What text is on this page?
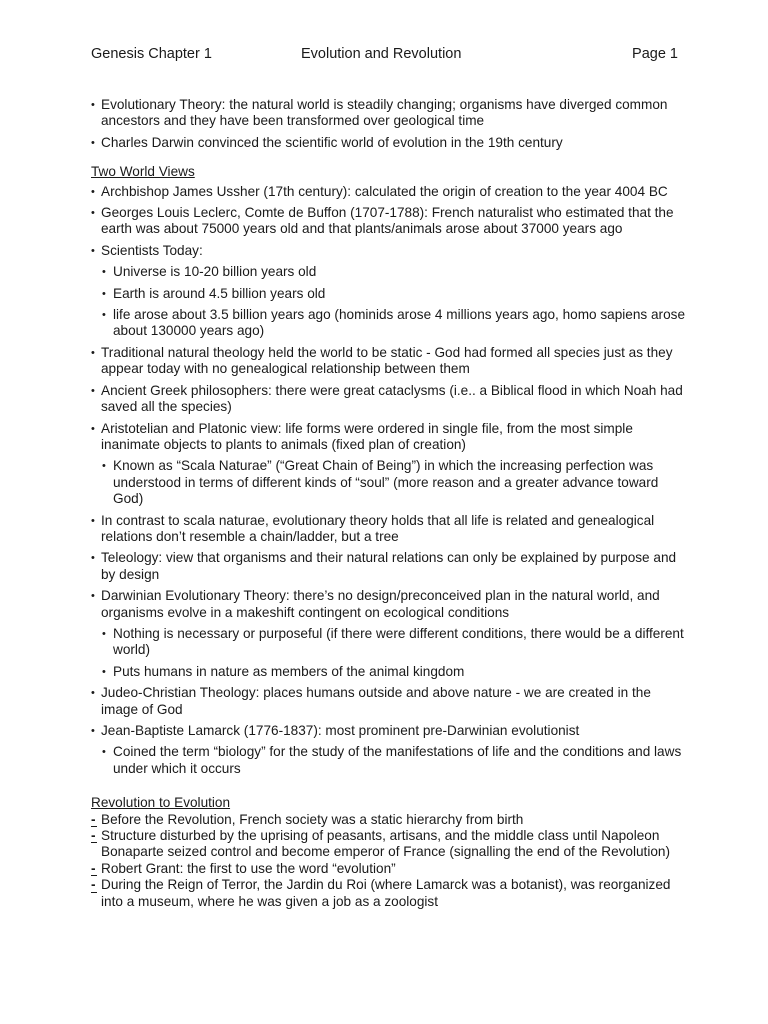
Genesis Chapter 1	Evolution and Revolution	Page 1
• Evolutionary Theory: the natural world is steadily changing; organisms have diverged common ancestors and they have been transformed over geological time
• Charles Darwin convinced the scientific world of evolution in the 19th century
Two World Views
• Archbishop James Ussher (17th century): calculated the origin of creation to the year 4004 BC
• Georges Louis Leclerc, Comte de Buffon (1707-1788): French naturalist who estimated that the earth was about 75000 years old and that plants/animals arose about 37000 years ago
• Scientists Today:
• Universe is 10-20 billion years old
• Earth is around 4.5 billion years old
• life arose about 3.5 billion years ago (hominids arose 4 millions years ago, homo sapiens arose about 130000 years ago)
• Traditional natural theology held the world to be static - God had formed all species just as they appear today with no genealogical relationship between them
• Ancient Greek philosophers: there were great cataclysms (i.e.. a Biblical flood in which Noah had saved all the species)
• Aristotelian and Platonic view: life forms were ordered in single file, from the most simple inanimate objects to plants to animals (fixed plan of creation)
• Known as “Scala Naturae” (“Great Chain of Being”) in which the increasing perfection was understood in terms of different kinds of “soul” (more reason and a greater advance toward God)
• In contrast to scala naturae, evolutionary theory holds that all life is related and genealogical relations don’t resemble a chain/ladder, but a tree
• Teleology: view that organisms and their natural relations can only be explained by purpose and by design
• Darwinian Evolutionary Theory: there’s no design/preconceived plan in the natural world, and organisms evolve in a makeshift contingent on ecological conditions
• Nothing is necessary or purposeful (if there were different conditions, there would be a different world)
• Puts humans in nature as members of the animal kingdom
• Judeo-Christian Theology: places humans outside and above nature - we are created in the image of God
• Jean-Baptiste Lamarck (1776-1837): most prominent pre-Darwinian evolutionist
• Coined the term “biology” for the study of the manifestations of life and the conditions and laws under which it occurs
Revolution to Evolution
- Before the Revolution, French society was a static hierarchy from birth
- Structure disturbed by the uprising of peasants, artisans, and the middle class until Napoleon Bonaparte seized control and become emperor of France (signalling the end of the Revolution)
- Robert Grant: the first to use the word “evolution”
- During the Reign of Terror, the Jardin du Roi (where Lamarck was a botanist), was reorganized into a museum, where he was given a job as a zoologist
